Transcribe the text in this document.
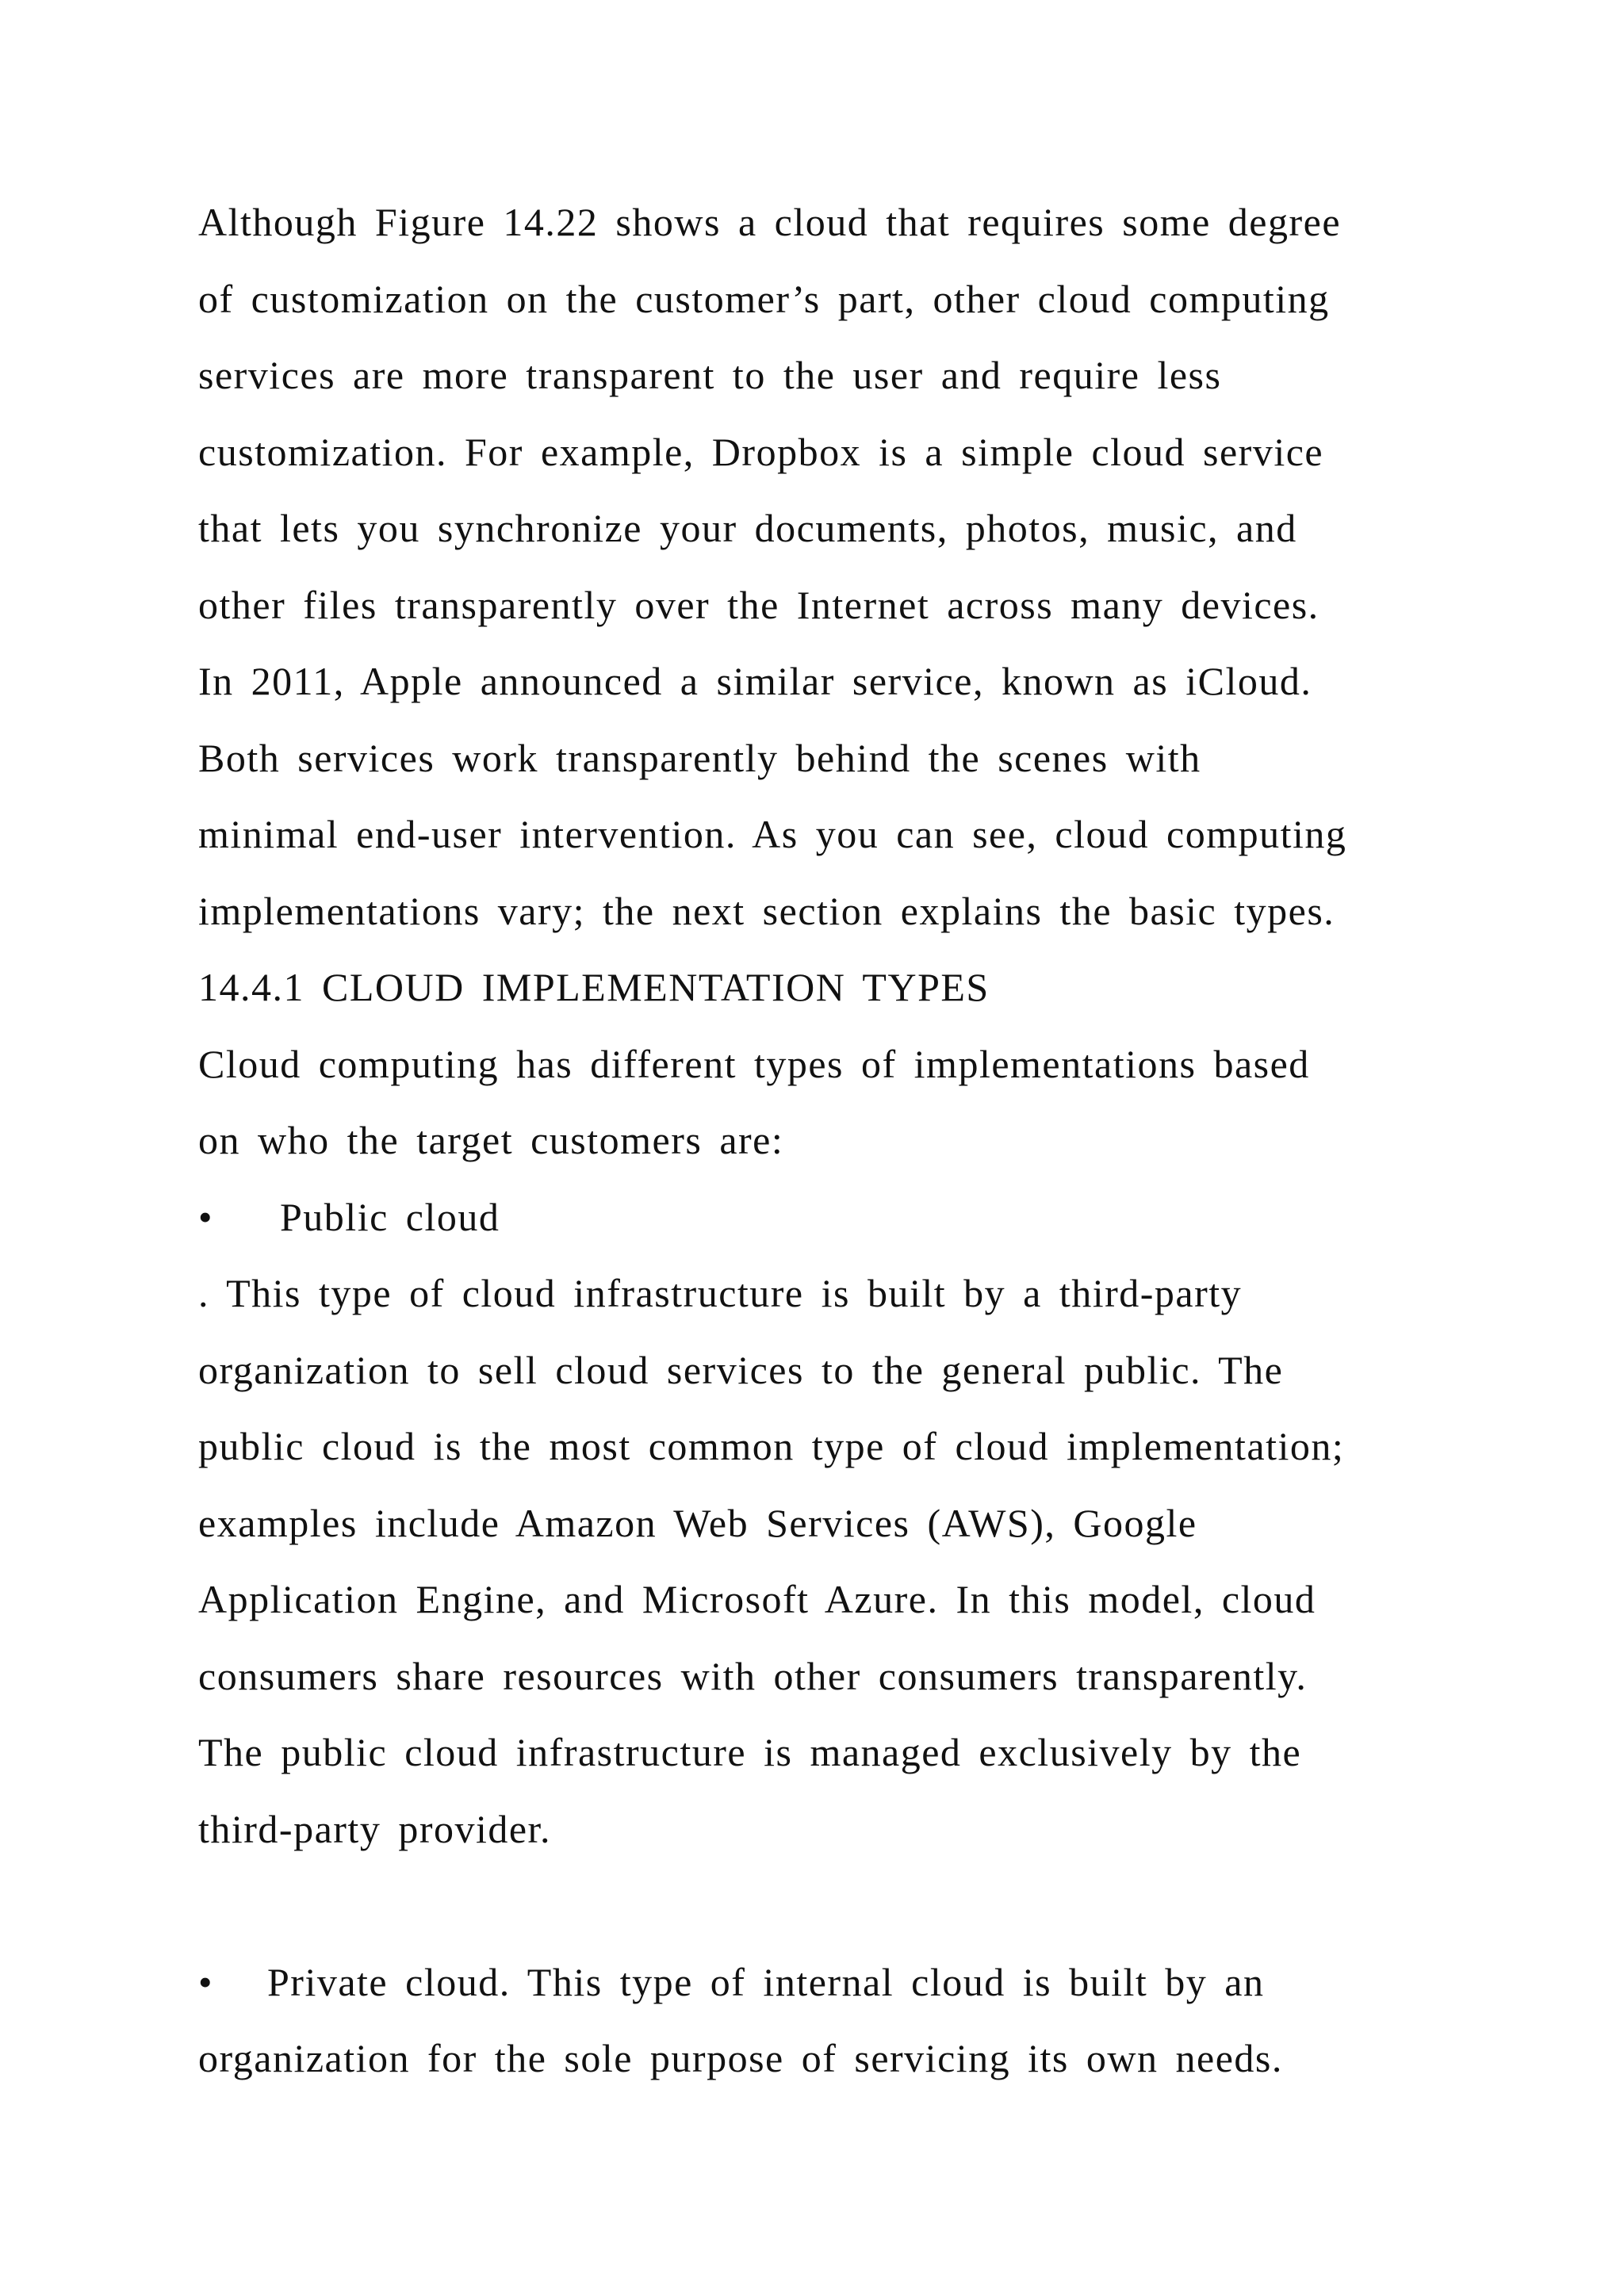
Although Figure 14.22 shows a cloud that requires some degree
of customization on the customer’s part, other cloud computing
services are more transparent to the user and require less
customization. For example, Dropbox is a simple cloud service
that lets you synchronize your documents, photos, music, and
other files transparently over the Internet across many devices.
In 2011, Apple announced a similar service, known as iCloud.
Both services work transparently behind the scenes with
minimal end-user intervention. As you can see, cloud computing
implementations vary; the next section explains the basic types.
14.4.1 CLOUD IMPLEMENTATION TYPES
Cloud computing has different types of implementations based
on who the target customers are:
•	Public cloud
. This type of cloud infrastructure is built by a third-party
organization to sell cloud services to the general public. The
public cloud is the most common type of cloud implementation;
examples include Amazon Web Services (AWS), Google
Application Engine, and Microsoft Azure. In this model, cloud
consumers share resources with other consumers transparently.
The public cloud infrastructure is managed exclusively by the
third-party provider.
•	Private cloud. This type of internal cloud is built by an
organization for the sole purpose of servicing its own needs.
